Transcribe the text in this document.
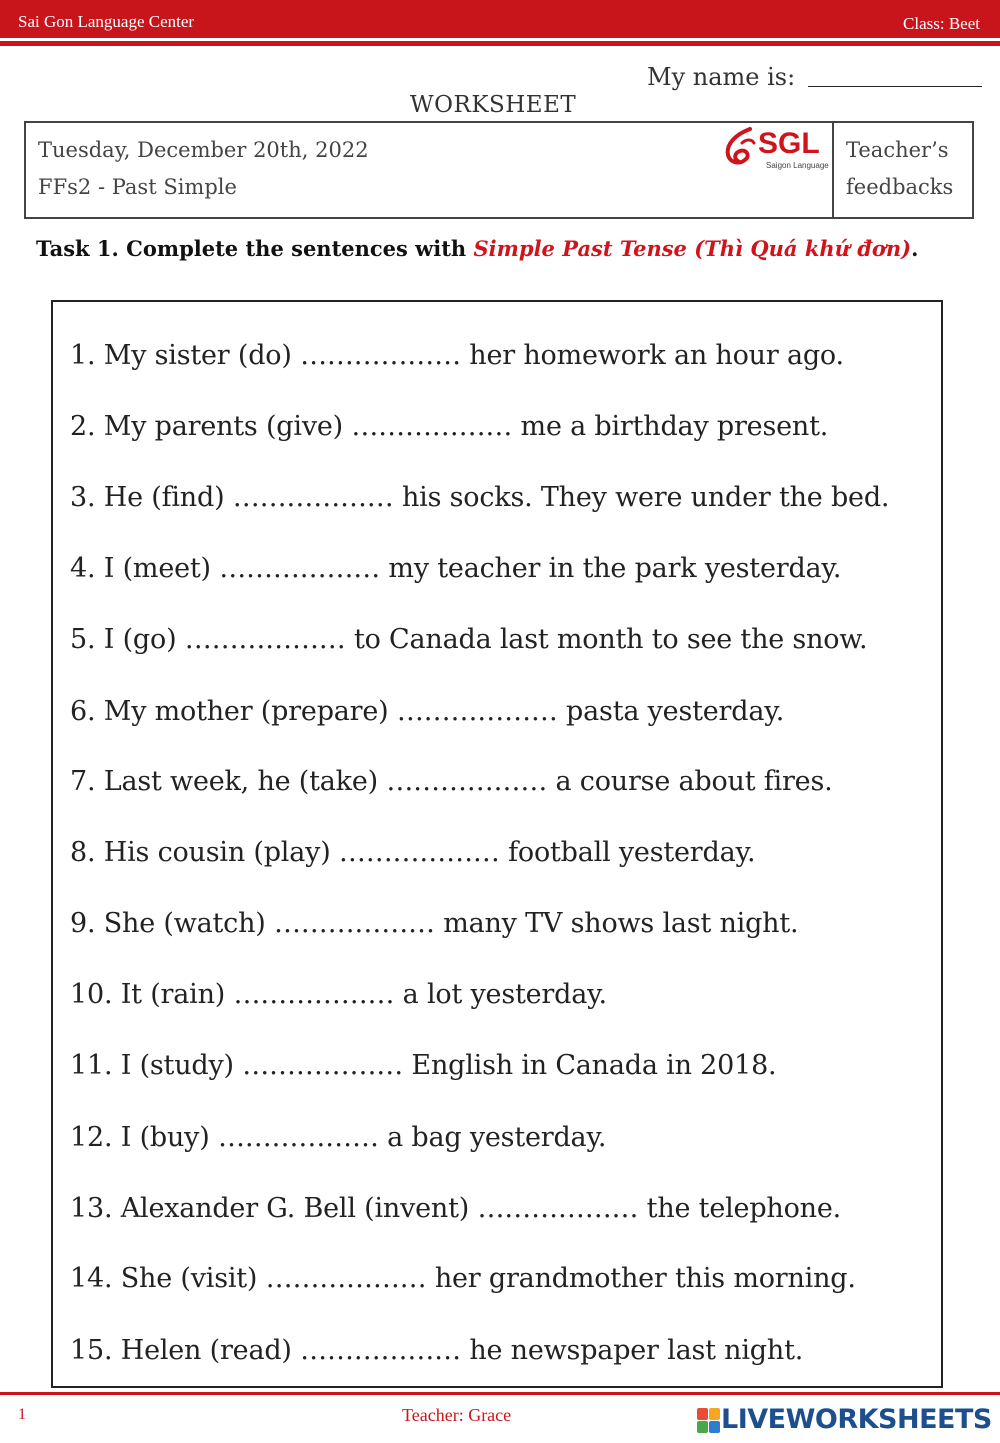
Sai Gon Language Center	Class: Beet
My name is:
WORKSHEET
Tuesday, December 20th, 2022
FFs2 - Past Simple
SGL
Saigon Language
Teacher’s
feedbacks
Task 1. Complete the sentences with Simple Past Tense (Thì Quá khứ đơn).
1. My sister (do) ……………… her homework an hour ago.
2. My parents (give) ……………… me a birthday present.
3. He (find) ……………… his socks. They were under the bed.
4. I (meet) ……………… my teacher in the park yesterday.
5. I (go) ……………… to Canada last month to see the snow.
6. My mother (prepare) ……………… pasta yesterday.
7. Last week, he (take) ……………… a course about fires.
8. His cousin (play) ……………… football yesterday.
9. She (watch) ……………… many TV shows last night.
10. It (rain) ……………… a lot yesterday.
11. I (study) ……………… English in Canada in 2018.
12. I (buy) ……………… a bag yesterday.
13. Alexander G. Bell (invent) ……………… the telephone.
14. She (visit) ……………… her grandmother this morning.
15. Helen (read) ……………… he newspaper last night.
1	Teacher: Grace	LIVEWORKSHEETS
